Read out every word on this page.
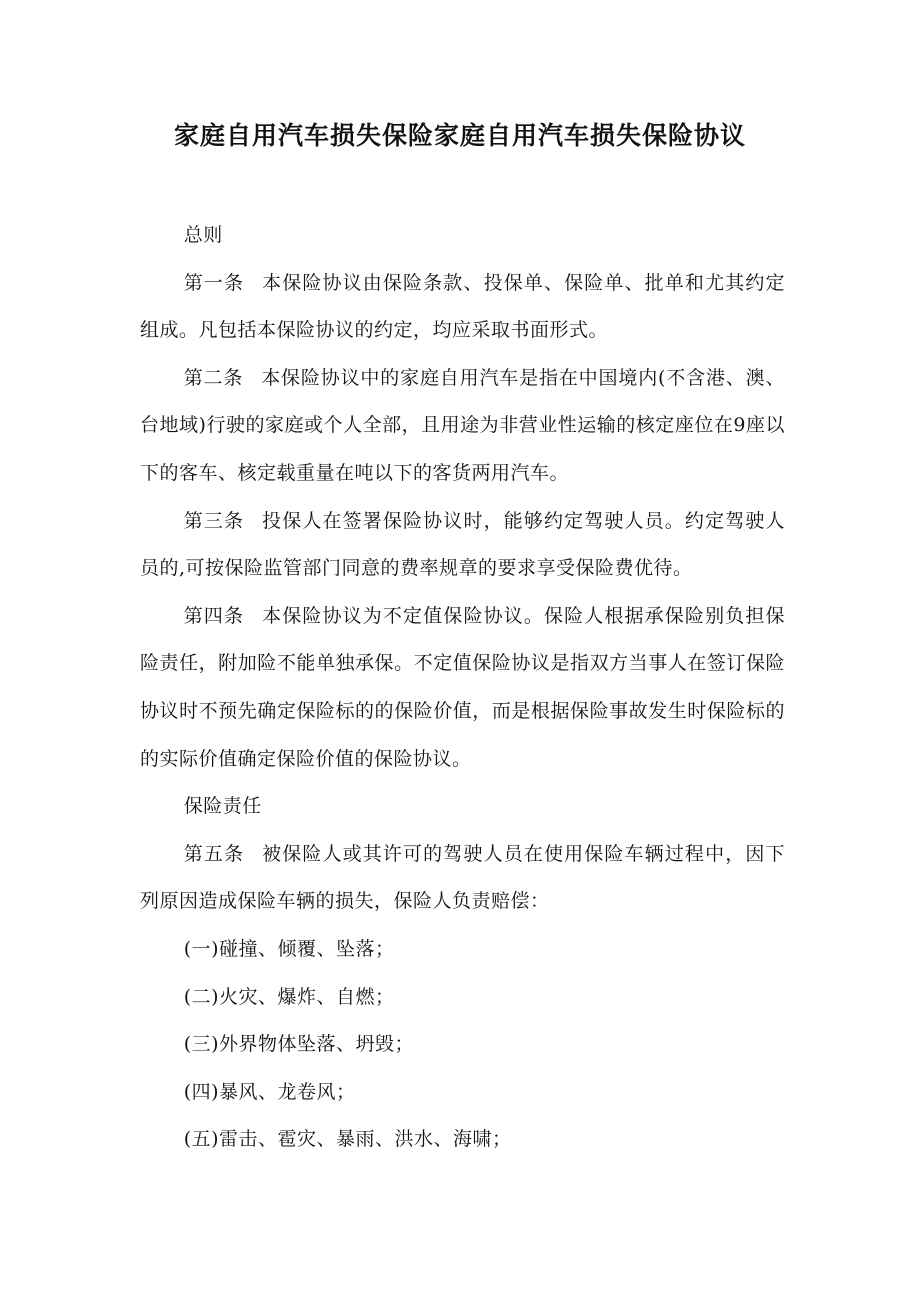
家庭自用汽车损失保险家庭自用汽车损失保险协议

总则

第一条 本保险协议由保险条款、投保单、保险单、批单和尤其约定组成。凡包括本保险协议的约定，均应采取书面形式。

第二条 本保险协议中的家庭自用汽车是指在中国境内(不含港、澳、台地域)行驶的家庭或个人全部，且用途为非营业性运输的核定座位在9座以下的客车、核定载重量在吨以下的客货两用汽车。

第三条 投保人在签署保险协议时，能够约定驾驶人员。约定驾驶人员的,可按保险监管部门同意的费率规章的要求享受保险费优待。

第四条 本保险协议为不定值保险协议。保险人根据承保险别负担保险责任，附加险不能单独承保。不定值保险协议是指双方当事人在签订保险协议时不预先确定保险标的的保险价值，而是根据保险事故发生时保险标的的实际价值确定保险价值的保险协议。

保险责任

第五条 被保险人或其许可的驾驶人员在使用保险车辆过程中，因下列原因造成保险车辆的损失，保险人负责赔偿：

(一)碰撞、倾覆、坠落；

(二)火灾、爆炸、自燃；

(三)外界物体坠落、坍毁；

(四)暴风、龙卷风；

(五)雷击、雹灾、暴雨、洪水、海啸；
